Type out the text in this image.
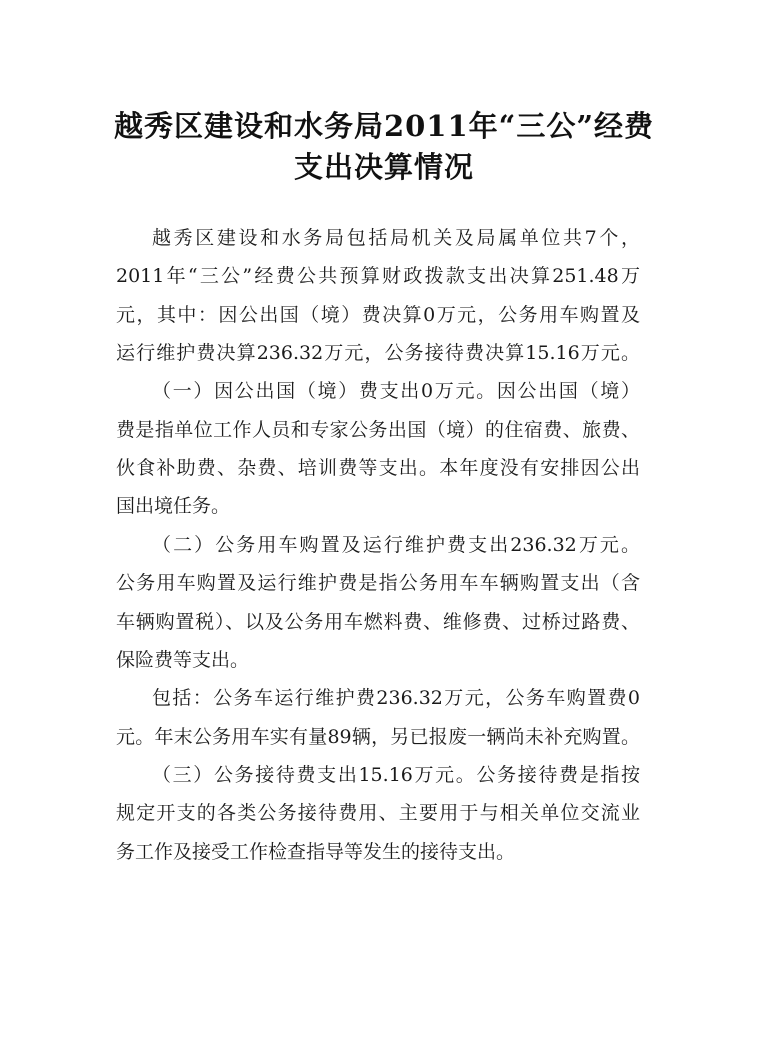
越秀区建设和水务局2011年“三公”经费
支出决算情况
越秀区建设和水务局包括局机关及局属单位共7个，
2011年“三公”经费公共预算财政拨款支出决算251.48万
元，其中：因公出国（境）费决算0万元，公务用车购置及
运行维护费决算236.32万元，公务接待费决算15.16万元。
（一）因公出国（境）费支出0万元。因公出国（境）
费是指单位工作人员和专家公务出国（境）的住宿费、旅费、
伙食补助费、杂费、培训费等支出。本年度没有安排因公出
国出境任务。
（二）公务用车购置及运行维护费支出236.32万元。
公务用车购置及运行维护费是指公务用车车辆购置支出（含
车辆购置税）、以及公务用车燃料费、维修费、过桥过路费、
保险费等支出。
包括：公务车运行维护费236.32万元，公务车购置费0
元。年末公务用车实有量89辆，另已报废一辆尚未补充购置。
（三）公务接待费支出15.16万元。公务接待费是指按
规定开支的各类公务接待费用、主要用于与相关单位交流业
务工作及接受工作检查指导等发生的接待支出。
